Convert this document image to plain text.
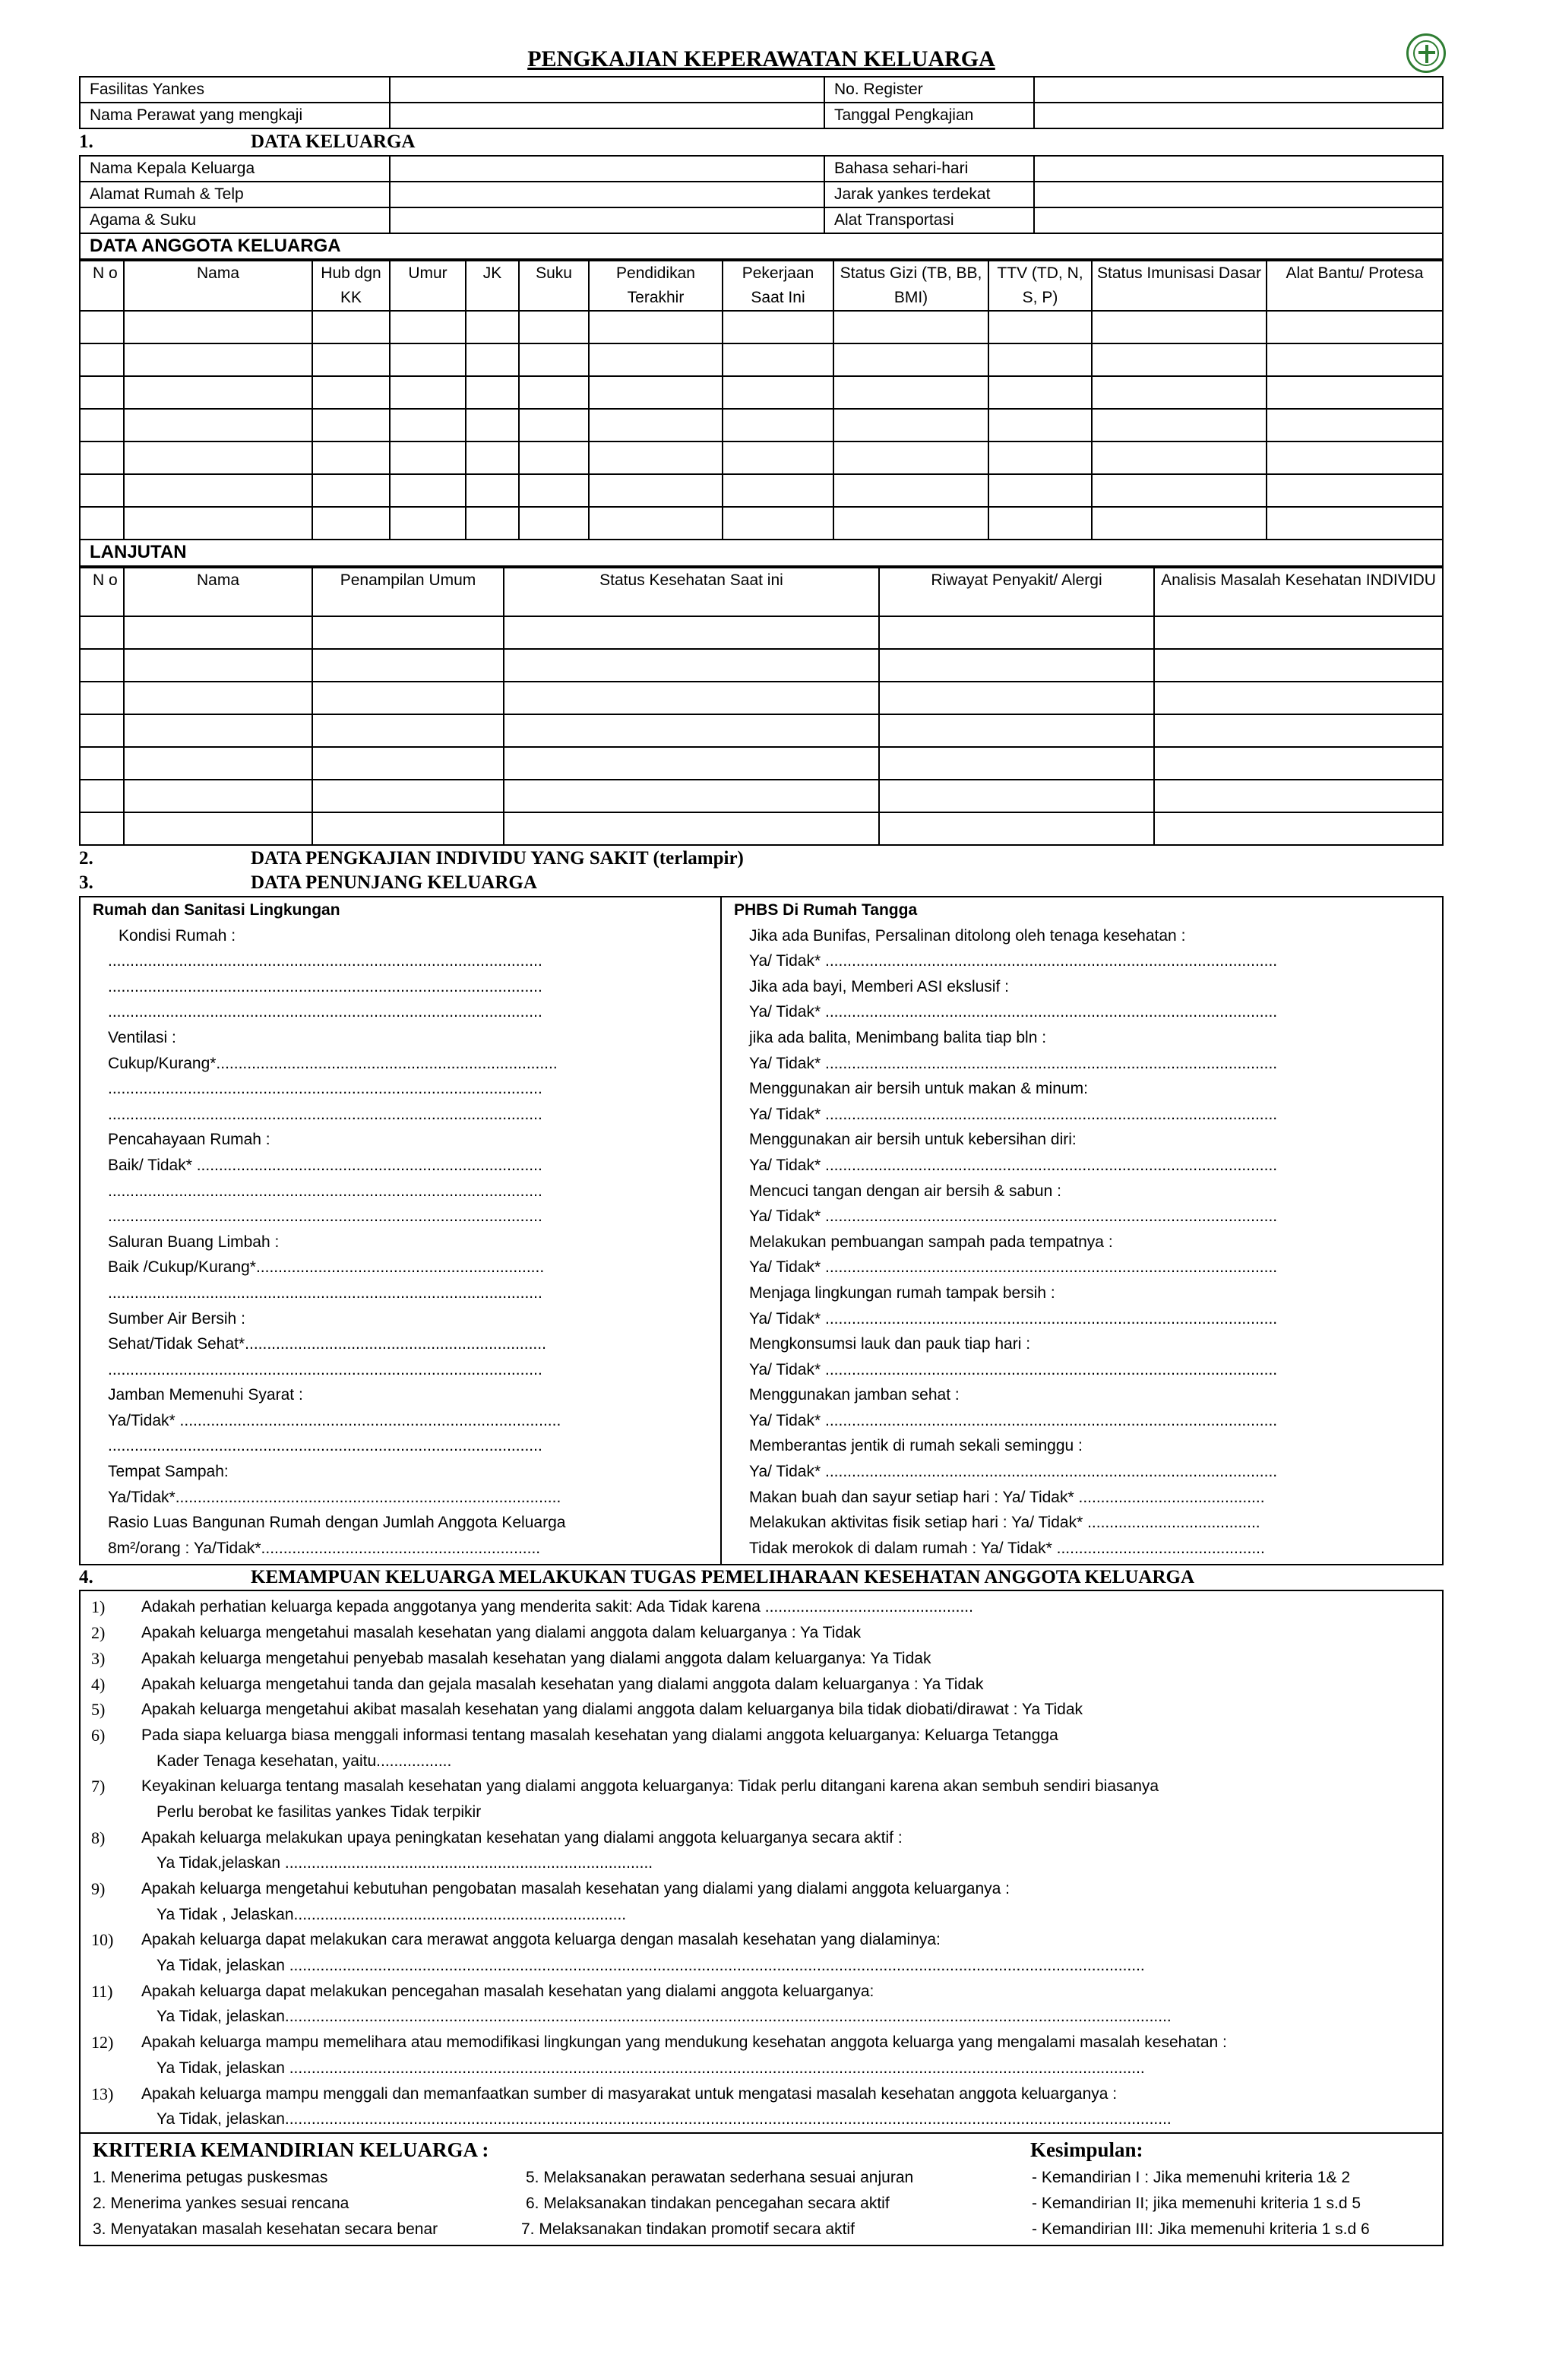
PENGKAJIAN KEPERAWATAN KELUARGA
Fasilitas Yankes		No. Register	
Nama Perawat yang mengkaji		Tanggal Pengkajian	
1.	DATA KELUARGA
Nama Kepala Keluarga		Bahasa sehari-hari	
Alamat Rumah & Telp		Jarak yankes terdekat	
Agama & Suku		Alat Transportasi	
DATA ANGGOTA KELUARGA			
N o	Nama	Hub dgn KK	Umur	JK	Suku	Pendidikan Terakhir	Pekerjaan Saat Ini	Status Gizi (TB, BB, BMI)	TTV (TD, N, S, P)	Status Imunisasi Dasar	Alat Bantu/ Protesa

LANJUTAN
N o	Nama	Penampilan Umum	Status Kesehatan Saat ini	Riwayat Penyakit/ Alergi	Analisis Masalah Kesehatan INDIVIDU

2.	DATA PENGKAJIAN INDIVIDU YANG SAKIT (terlampir)
3.	DATA PENUNJANG KELUARGA
Rumah dan Sanitasi Lingkungan
Kondisi Rumah :
..................................................................................................
..................................................................................................
..................................................................................................
Ventilasi :
Cukup/Kurang*.............................................................................
..................................................................................................
..................................................................................................
Pencahayaan Rumah :
Baik/ Tidak* ..............................................................................
..................................................................................................
..................................................................................................
Saluran Buang Limbah :
Baik /Cukup/Kurang*.................................................................
..................................................................................................
Sumber Air Bersih :
Sehat/Tidak Sehat*....................................................................
..................................................................................................
Jamban Memenuhi Syarat :
Ya/Tidak* ......................................................................................
..................................................................................................
Tempat Sampah:
Ya/Tidak*.......................................................................................
Rasio Luas Bangunan Rumah dengan Jumlah Anggota Keluarga
8m²/orang : Ya/Tidak*...............................................................
PHBS Di Rumah Tangga
Jika ada Bunifas, Persalinan ditolong oleh tenaga kesehatan :
Ya/ Tidak* ......................................................................................................
Jika ada bayi, Memberi ASI ekslusif :
Ya/ Tidak* ......................................................................................................
jika ada balita, Menimbang balita tiap bln :
Ya/ Tidak* ......................................................................................................
Menggunakan air bersih untuk makan & minum:
Ya/ Tidak* ......................................................................................................
Menggunakan air bersih untuk kebersihan diri:
Ya/ Tidak* ......................................................................................................
Mencuci tangan dengan air bersih & sabun :
Ya/ Tidak* ......................................................................................................
Melakukan pembuangan sampah pada tempatnya :
Ya/ Tidak* ......................................................................................................
Menjaga lingkungan rumah tampak bersih :
Ya/ Tidak* ......................................................................................................
Mengkonsumsi lauk dan pauk tiap hari :
Ya/ Tidak* ......................................................................................................
Menggunakan jamban sehat :
Ya/ Tidak* ......................................................................................................
Memberantas jentik di rumah sekali seminggu :
Ya/ Tidak* ......................................................................................................
Makan buah dan sayur setiap hari : Ya/ Tidak* ..........................................
Melakukan aktivitas fisik setiap hari : Ya/ Tidak* .......................................
Tidak merokok di dalam rumah : Ya/ Tidak* ...............................................
4.	KEMAMPUAN KELUARGA MELAKUKAN TUGAS PEMELIHARAAN KESEHATAN ANGGOTA KELUARGA
1) Adakah perhatian keluarga kepada anggotanya yang menderita sakit: Ada Tidak karena ...............................................
2) Apakah keluarga mengetahui masalah kesehatan yang dialami anggota dalam keluarganya : Ya Tidak
3) Apakah keluarga mengetahui penyebab masalah kesehatan yang dialami anggota dalam keluarganya: Ya Tidak
4) Apakah keluarga mengetahui tanda dan gejala masalah kesehatan yang dialami anggota dalam keluarganya : Ya Tidak
5) Apakah keluarga mengetahui akibat masalah kesehatan yang dialami anggota dalam keluarganya bila tidak diobati/dirawat : Ya Tidak
6) Pada siapa keluarga biasa menggali informasi tentang masalah kesehatan yang dialami anggota keluarganya: Keluarga Tetangga
Kader Tenaga kesehatan, yaitu.................
7) Keyakinan keluarga tentang masalah kesehatan yang dialami anggota keluarganya: Tidak perlu ditangani karena akan sembuh sendiri biasanya
Perlu berobat ke fasilitas yankes Tidak terpikir
8) Apakah keluarga melakukan upaya peningkatan kesehatan yang dialami anggota keluarganya secara aktif :
Ya Tidak,jelaskan ...................................................................................
9) Apakah keluarga mengetahui kebutuhan pengobatan masalah kesehatan yang dialami yang dialami anggota keluarganya :
Ya Tidak , Jelaskan...........................................................................
10) Apakah keluarga dapat melakukan cara merawat anggota keluarga dengan masalah kesehatan yang dialaminya:
Ya Tidak, jelaskan .................................................................................................................................................................................................
11) Apakah keluarga dapat melakukan pencegahan masalah kesehatan yang dialami anggota keluarganya:
Ya Tidak, jelaskan........................................................................................................................................................................................................
12) Apakah keluarga mampu memelihara atau memodifikasi lingkungan yang mendukung kesehatan anggota keluarga yang mengalami masalah kesehatan :
Ya Tidak, jelaskan .................................................................................................................................................................................................
13) Apakah keluarga mampu menggali dan memanfaatkan sumber di masyarakat untuk mengatasi masalah kesehatan anggota keluarganya :
Ya Tidak, jelaskan........................................................................................................................................................................................................
KRITERIA KEMANDIRIAN KELUARGA :
1. Menerima petugas puskesmas
2. Menerima yankes sesuai rencana
3. Menyatakan masalah kesehatan secara benar
5. Melaksanakan perawatan sederhana sesuai anjuran
6. Melaksanakan tindakan pencegahan secara aktif
7. Melaksanakan tindakan promotif secara aktif
Kesimpulan:
- Kemandirian I : Jika memenuhi kriteria 1& 2
- Kemandirian II; jika memenuhi kriteria 1 s.d 5
- Kemandirian III: Jika memenuhi kriteria 1 s.d 6
